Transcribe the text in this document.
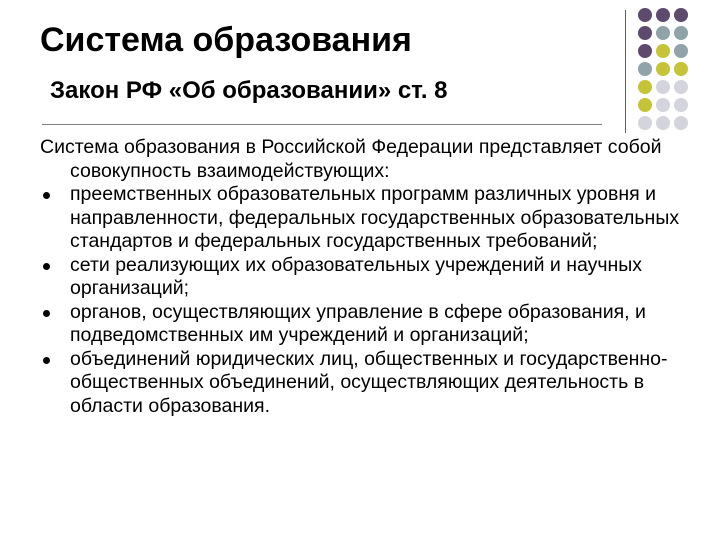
Система образования
Закон РФ «Об образовании» ст. 8

Система образования в Российской Федерации представляет собой совокупность взаимодействующих:

преемственных образовательных программ различных уровня и направленности, федеральных государственных образовательных стандартов и федеральных государственных требований;
сети реализующих их образовательных учреждений и научных организаций;
органов, осуществляющих управление в сфере образования, и подведомственных им учреждений и организаций;
объединений юридических лиц, общественных и государственно-общественных объединений, осуществляющих деятельность в области образования.
